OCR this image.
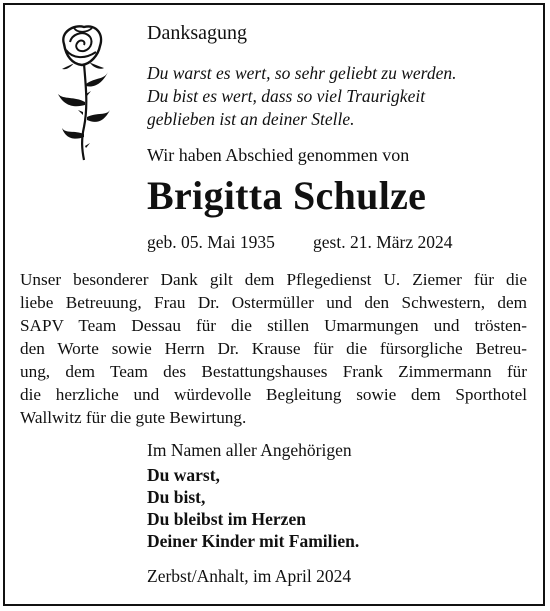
Danksagung
Du warst es wert, so sehr geliebt zu werden.
Du bist es wert, dass so viel Traurigkeit
geblieben ist an deiner Stelle.
Wir haben Abschied genommen von
Brigitta Schulze
geb. 05. Mai 1935 gest. 21. März 2024
Unser besonderer Dank gilt dem Pflegedienst U. Ziemer für die
liebe Betreuung, Frau Dr. Ostermüller und den Schwestern, dem
SAPV Team Dessau für die stillen Umarmungen und trösten-
den Worte sowie Herrn Dr. Krause für die fürsorgliche Betreu-
ung, dem Team des Bestattungshauses Frank Zimmermann für
die herzliche und würdevolle Begleitung sowie dem Sporthotel
Wallwitz für die gute Bewirtung.
Im Namen aller Angehörigen
Du warst,
Du bist,
Du bleibst im Herzen
Deiner Kinder mit Familien.
Zerbst/Anhalt, im April 2024
